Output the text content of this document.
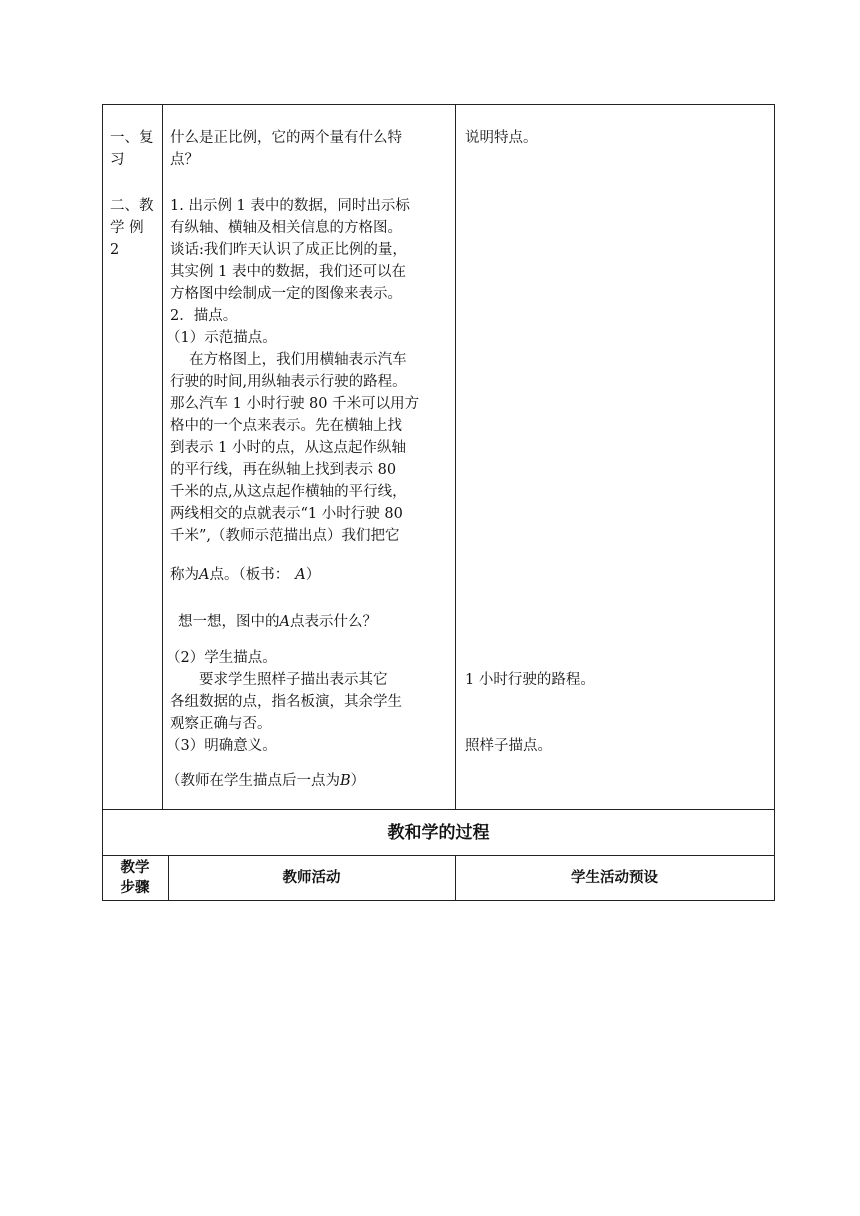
一、复
习
二、教
学 例
2
什么是正比例，它的两个量有什么特
点？
1. 出示例 1 表中的数据，同时出示标
有纵轴、横轴及相关信息的方格图。
谈话:我们昨天认识了成正比例的量，
其实例 1 表中的数据，我们还可以在
方格图中绘制成一定的图像来表示。
2．描点。
（1）示范描点。
　 在方格图上，我们用横轴表示汽车
行驶的时间,用纵轴表示行驶的路程。
那么汽车 1 小时行驶 80 千米可以用方
格中的一个点来表示。先在横轴上找
到表示 1 小时的点，从这点起作纵轴
的平行线，再在纵轴上找到表示 80
千米的点,从这点起作横轴的平行线，
两线相交的点就表示“1 小时行驶 80
千米”,（教师示范描出点）我们把它
称为A点。（板书： A）
想一想，图中的A点表示什么？
（2）学生描点。
　　要求学生照样子描出表示其它
各组数据的点，指名板演，其余学生
观察正确与否。
（3）明确意义。
（教师在学生描点后一点为B）
说明特点。
1 小时行驶的路程。
照样子描点。
教和学的过程
教学
步骤
教师活动	学生活动预设
